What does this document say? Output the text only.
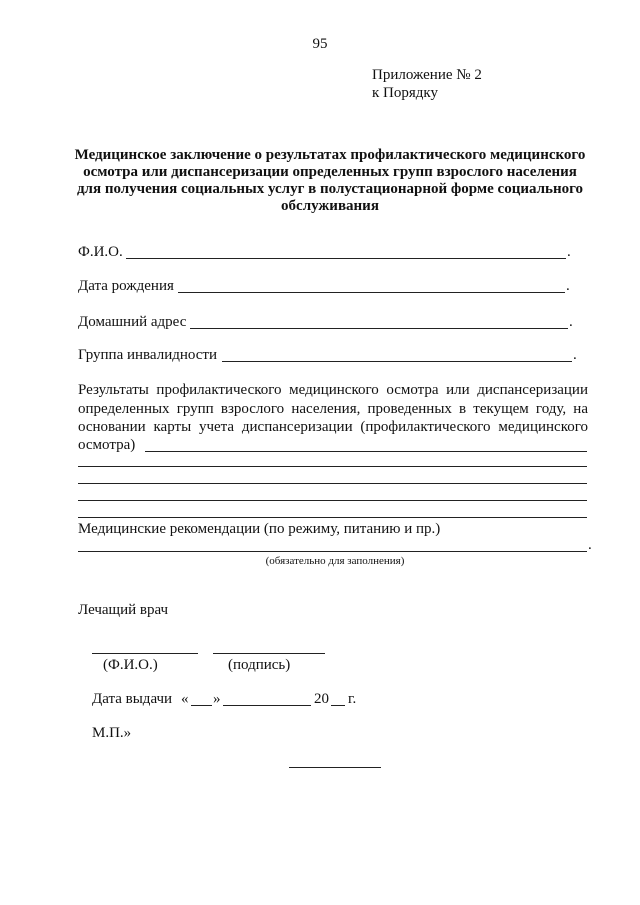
95
Приложение № 2
к Порядку
Медицинское заключение о результатах профилактического медицинского
осмотра или диспансеризации определенных групп взрослого населения
для получения социальных услуг в полустационарной форме социального
обслуживания
Ф.И.О.	.
Дата рождения	.
Домашний адрес	.
Группа инвалидности	.
Результаты профилактического медицинского осмотра или диспансеризации
определенных групп взрослого населения, проведенных в текущем году, на
основании карты учета диспансеризации (профилактического медицинского
осмотра)
Медицинские рекомендации (по режиму, питанию и пр.)
.
(обязательно для заполнения)
Лечащий врач
(Ф.И.О.)	(подпись)
Дата выдачи « »	20 г.
М.П.»
